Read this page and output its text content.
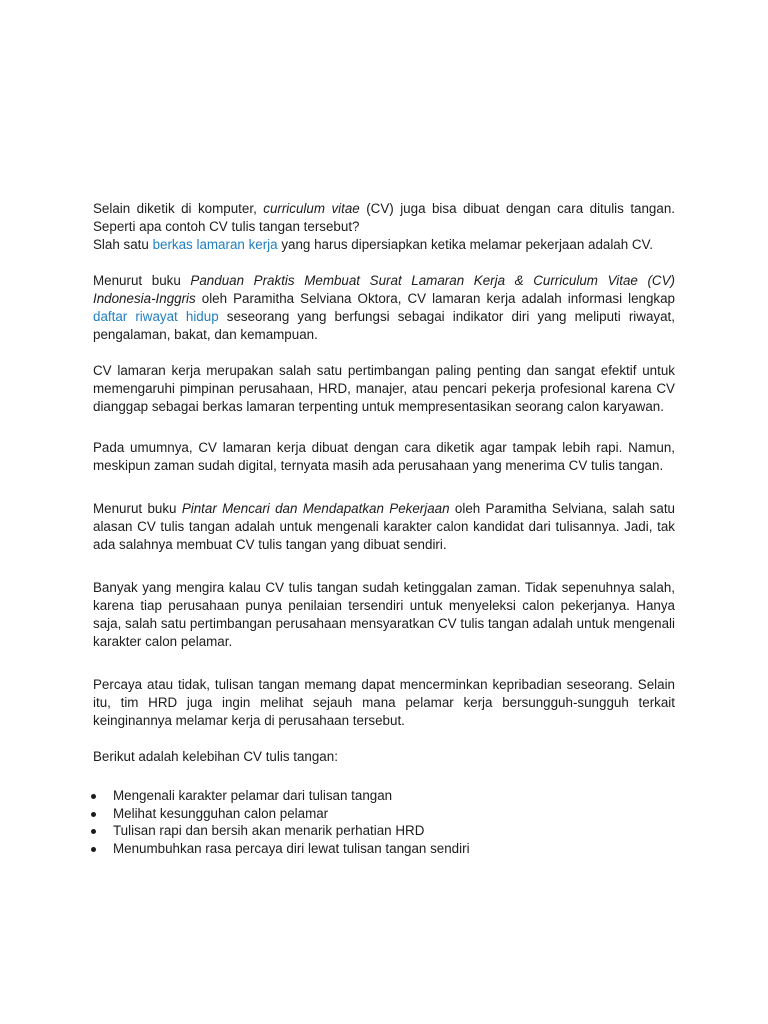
Selain diketik di komputer, curriculum vitae (CV) juga bisa dibuat dengan cara ditulis tangan. Seperti apa contoh CV tulis tangan tersebut?

Slah satu berkas lamaran kerja yang harus dipersiapkan ketika melamar pekerjaan adalah CV.

Menurut buku Panduan Praktis Membuat Surat Lamaran Kerja & Curriculum Vitae (CV) Indonesia-Inggris oleh Paramitha Selviana Oktora, CV lamaran kerja adalah informasi lengkap daftar riwayat hidup seseorang yang berfungsi sebagai indikator diri yang meliputi riwayat, pengalaman, bakat, dan kemampuan.

CV lamaran kerja merupakan salah satu pertimbangan paling penting dan sangat efektif untuk memengaruhi pimpinan perusahaan, HRD, manajer, atau pencari pekerja profesional karena CV dianggap sebagai berkas lamaran terpenting untuk mempresentasikan seorang calon karyawan.

Pada umumnya, CV lamaran kerja dibuat dengan cara diketik agar tampak lebih rapi. Namun, meskipun zaman sudah digital, ternyata masih ada perusahaan yang menerima CV tulis tangan.

Menurut buku Pintar Mencari dan Mendapatkan Pekerjaan oleh Paramitha Selviana, salah satu alasan CV tulis tangan adalah untuk mengenali karakter calon kandidat dari tulisannya. Jadi, tak ada salahnya membuat CV tulis tangan yang dibuat sendiri.

Banyak yang mengira kalau CV tulis tangan sudah ketinggalan zaman. Tidak sepenuhnya salah, karena tiap perusahaan punya penilaian tersendiri untuk menyeleksi calon pekerjanya. Hanya saja, salah satu pertimbangan perusahaan mensyaratkan CV tulis tangan adalah untuk mengenali karakter calon pelamar.

Percaya atau tidak, tulisan tangan memang dapat mencerminkan kepribadian seseorang. Selain itu, tim HRD juga ingin melihat sejauh mana pelamar kerja bersungguh-sungguh terkait keinginannya melamar kerja di perusahaan tersebut.

Berikut adalah kelebihan CV tulis tangan:

Mengenali karakter pelamar dari tulisan tangan
Melihat kesungguhan calon pelamar
Tulisan rapi dan bersih akan menarik perhatian HRD
Menumbuhkan rasa percaya diri lewat tulisan tangan sendiri
